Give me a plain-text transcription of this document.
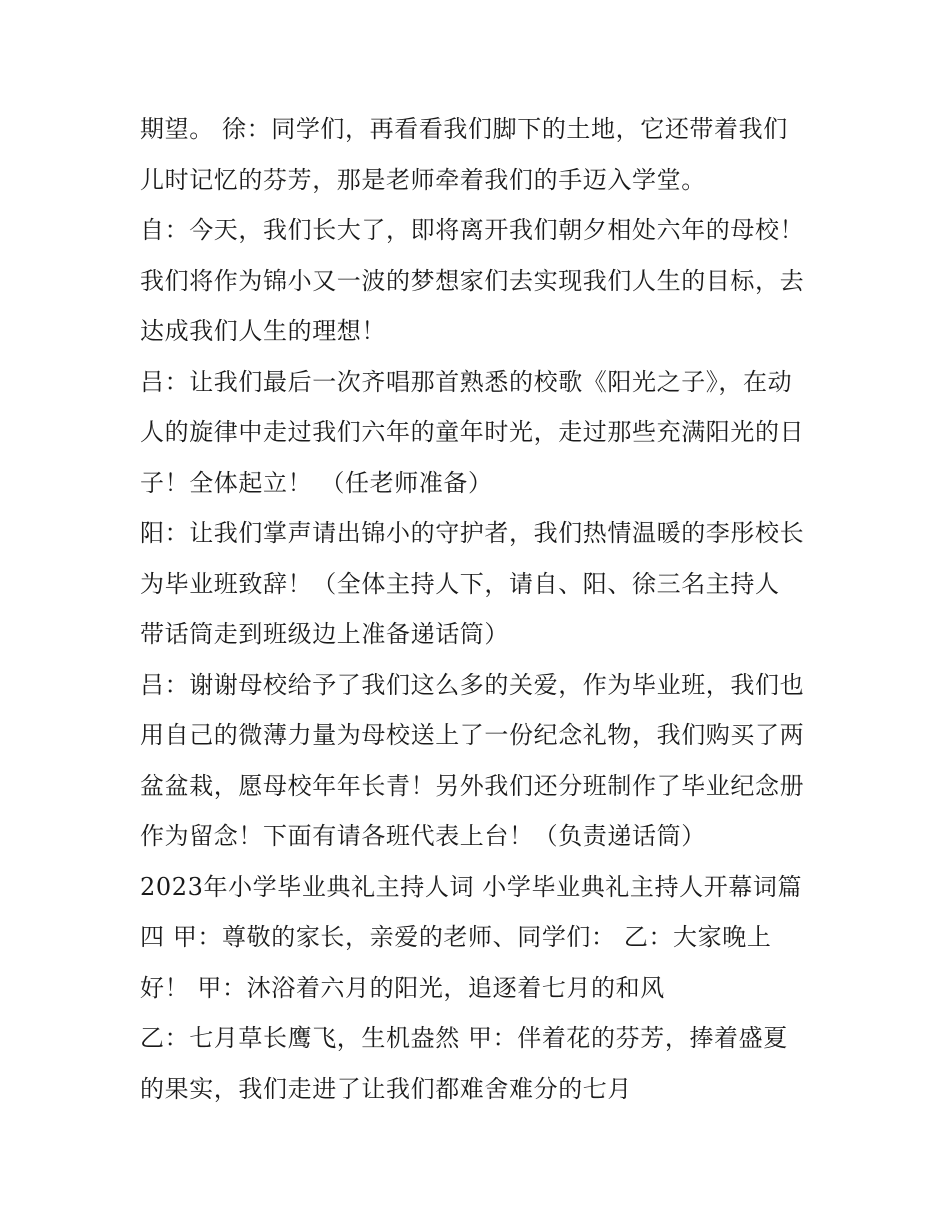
期望。 徐：同学们，再看看我们脚下的土地，它还带着我们
儿时记忆的芬芳，那是老师牵着我们的手迈入学堂。
自：今天，我们长大了，即将离开我们朝夕相处六年的母校！
我们将作为锦小又一波的梦想家们去实现我们人生的目标，去
达成我们人生的理想！
吕：让我们最后一次齐唱那首熟悉的校歌《阳光之子》，在动
人的旋律中走过我们六年的童年时光，走过那些充满阳光的日
子！全体起立！ （任老师准备）
阳：让我们掌声请出锦小的守护者，我们热情温暖的李彤校长
为毕业班致辞！（全体主持人下，请自、阳、徐三名主持人
带话筒走到班级边上准备递话筒）
吕：谢谢母校给予了我们这么多的关爱，作为毕业班，我们也
用自己的微薄力量为母校送上了一份纪念礼物，我们购买了两
盆盆栽，愿母校年年长青！另外我们还分班制作了毕业纪念册
作为留念！下面有请各班代表上台！（负责递话筒）
2023年小学毕业典礼主持人词 小学毕业典礼主持人开幕词篇
四 甲：尊敬的家长，亲爱的老师、同学们： 乙：大家晚上
好！ 甲：沐浴着六月的阳光，追逐着七月的和风
乙：七月草长鹰飞，生机盎然 甲：伴着花的芬芳，捧着盛夏
的果实，我们走进了让我们都难舍难分的七月
